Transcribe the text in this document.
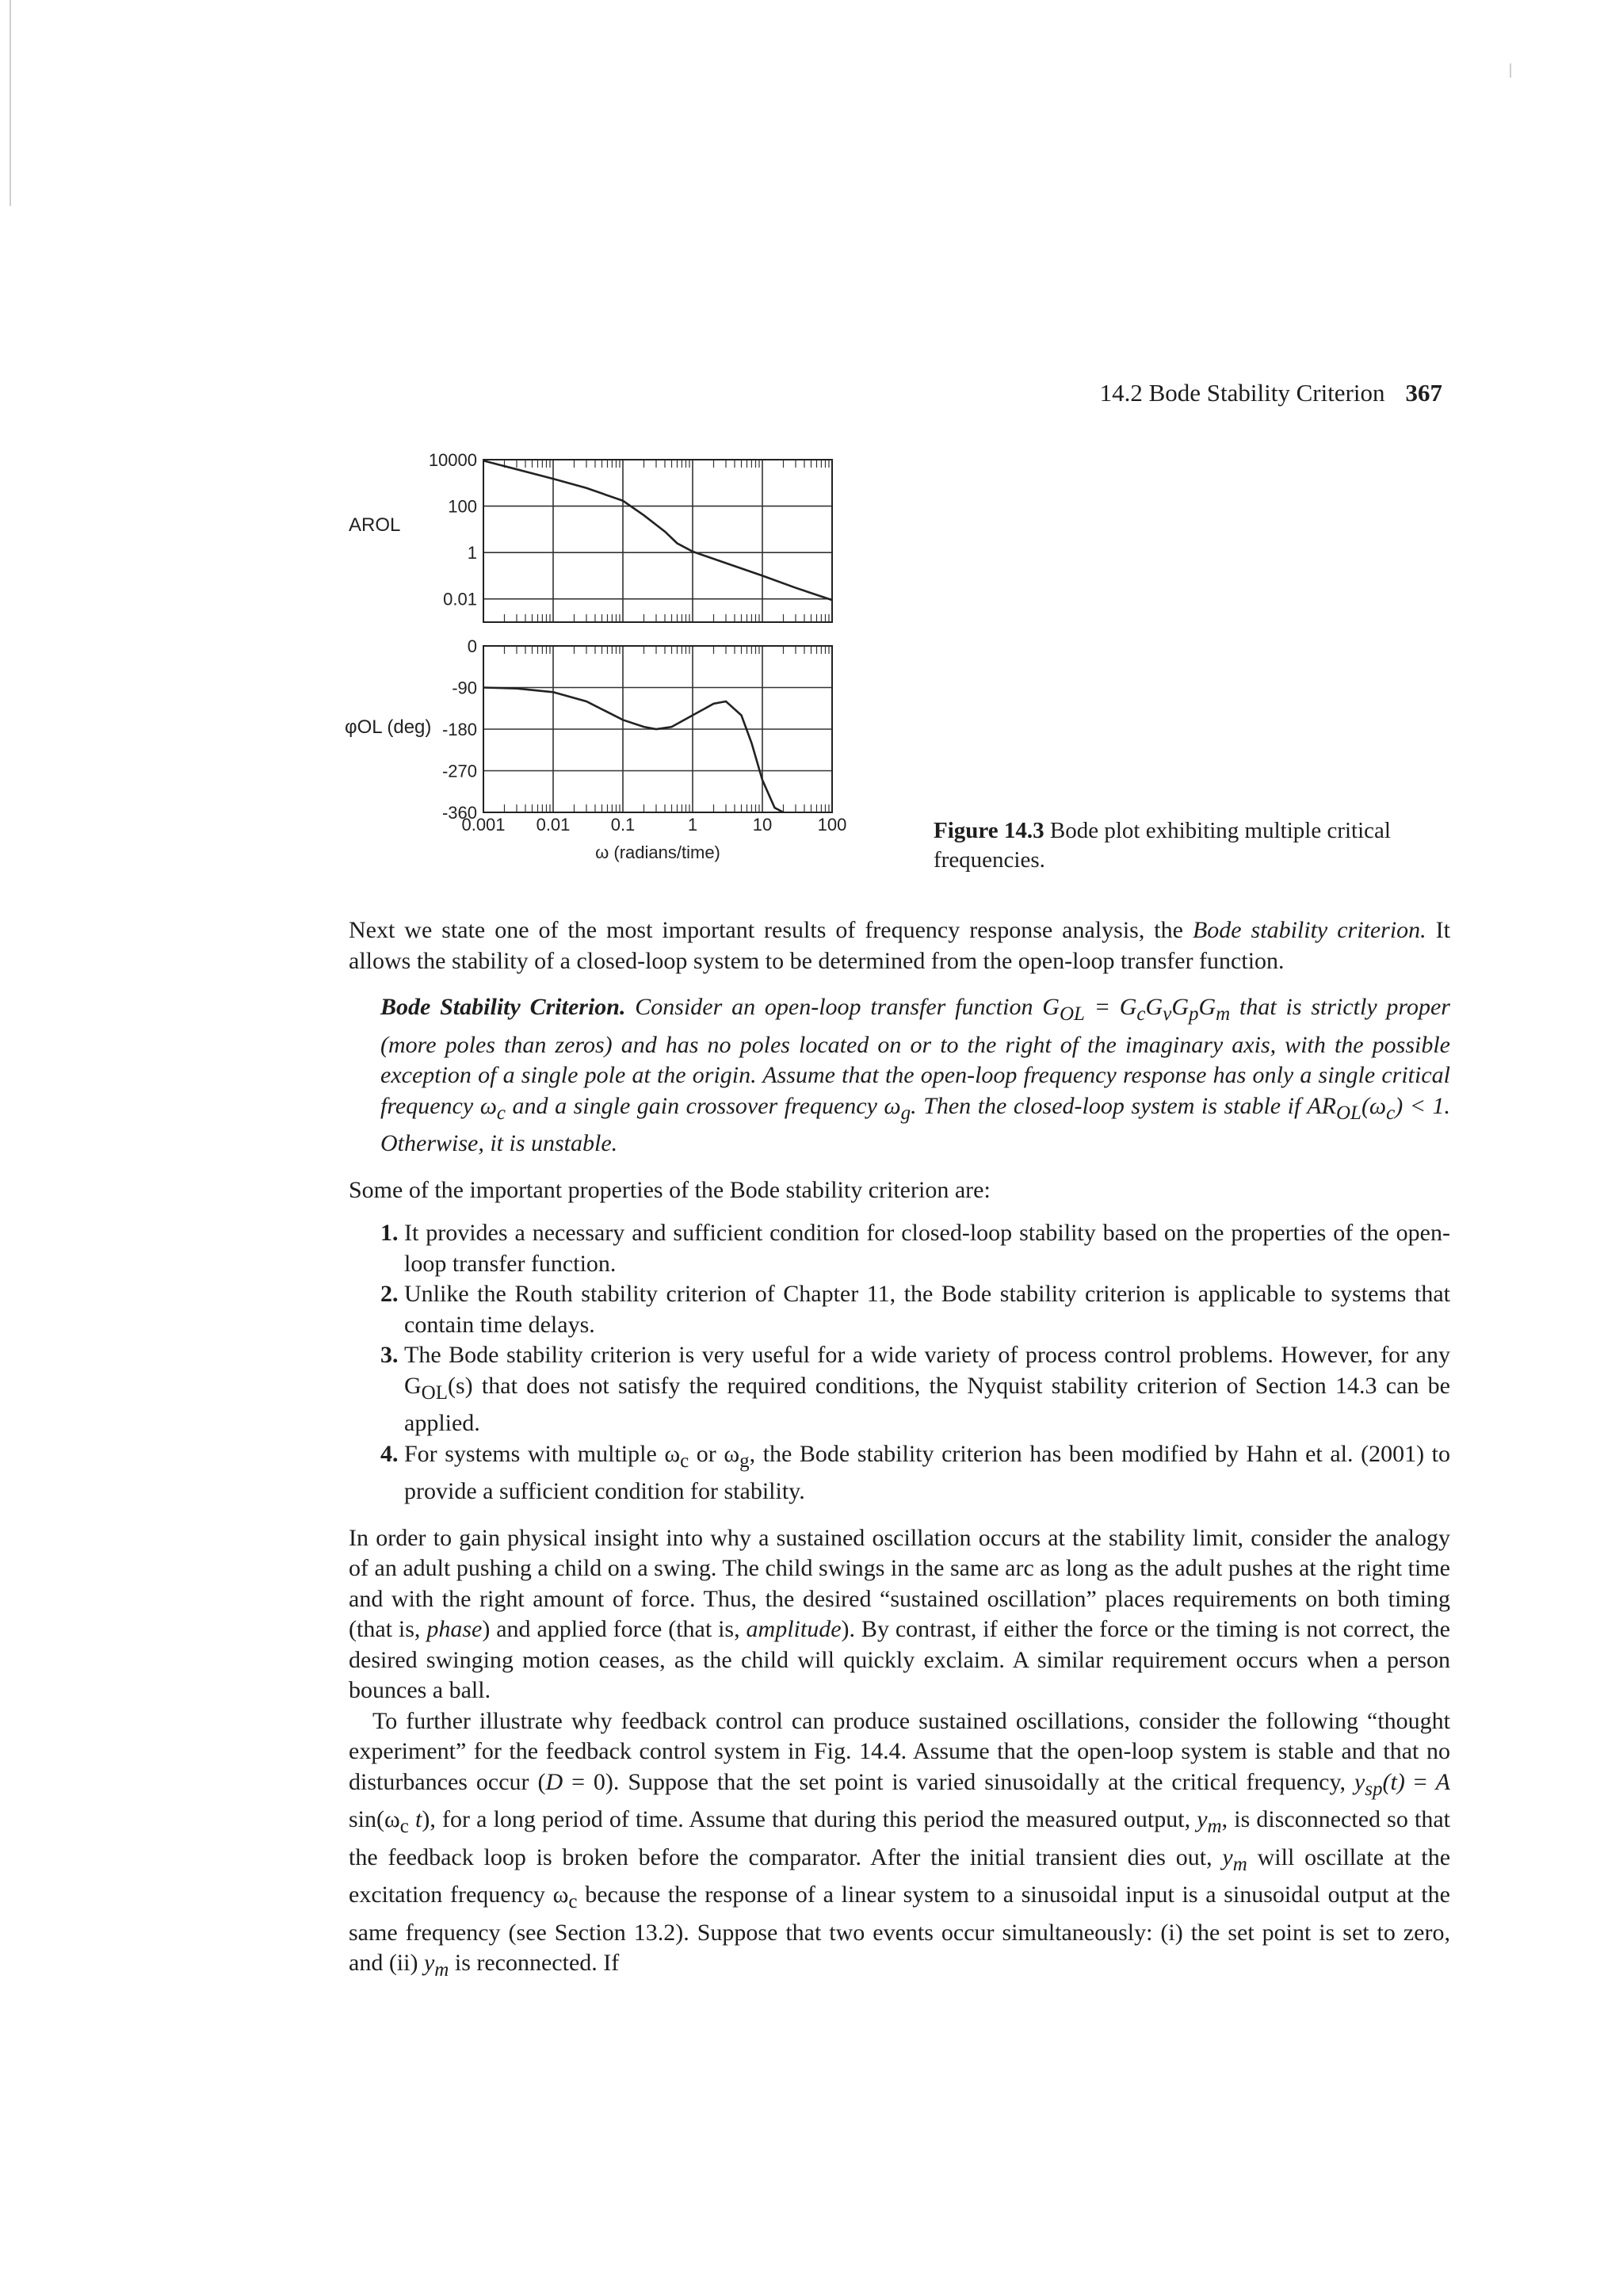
14.2 Bode Stability Criterion 367
AROL
10000
100
1
0.01
φOL (deg)
0
-90
-180
-270
-360
0.001 0.01 0.1	1	10	100
ω (radians/time)
Figure 14.3 Bode plot exhibiting multiple critical frequencies.

Next we state one of the most important results of frequency response analysis, the Bode stability criterion. It allows the stability of a closed-loop system to be determined from the open-loop transfer function.

Bode Stability Criterion. Consider an open-loop transfer function $G_{OL} = G_cG_vG_pG_m$ that is strictly proper (more poles than zeros) and has no poles located on or to the right of the imaginary axis, with the possible exception of a single pole at the origin. Assume that the open-loop frequency response has only a single critical frequency $\omega_c$ and a single gain crossover frequency $\omega_g$. Then the closed-loop system is stable if $AR_{OL}(\omega_c) < 1$. Otherwise, it is unstable.

Some of the important properties of the Bode stability criterion are:

1. It provides a necessary and sufficient condition for closed-loop stability based on the properties of the open-loop transfer function.
2. Unlike the Routh stability criterion of Chapter 11, the Bode stability criterion is applicable to systems that contain time delays.
3. The Bode stability criterion is very useful for a wide variety of process control problems. However, for any $G_{OL}(s)$ that does not satisfy the required conditions, the Nyquist stability criterion of Section 14.3 can be applied.
4. For systems with multiple $\omega_c$ or $\omega_g$, the Bode stability criterion has been modified by Hahn et al. (2001) to provide a sufficient condition for stability.

In order to gain physical insight into why a sustained oscillation occurs at the stability limit, consider the analogy of an adult pushing a child on a swing. The child swings in the same arc as long as the adult pushes at the right time and with the right amount of force. Thus, the desired “sustained oscillation” places requirements on both timing (that is, phase) and applied force (that is, amplitude). By contrast, if either the force or the timing is not correct, the desired swinging motion ceases, as the child will quickly exclaim. A similar requirement occurs when a person bounces a ball.

To further illustrate why feedback control can produce sustained oscillations, consider the following “thought experiment” for the feedback control system in Fig. 14.4. Assume that the open-loop system is stable and that no disturbances occur (D = 0). Suppose that the set point is varied sinusoidally at the critical frequency, $y_{sp}(t) = A$ $\sin(\omega_c$ t), for a long period of time. Assume that during this period the measured output, $y_m$, is disconnected so that the feedback loop is broken before the comparator. After the initial transient dies out, $y_m$ will oscillate at the excitation frequency $\omega_c$ because the response of a linear system to a sinusoidal input is a sinusoidal output at the same frequency (see Section 13.2). Suppose that two events occur simultaneously: (i) the set point is set to zero, and (ii) $y_m$ is reconnected. If
